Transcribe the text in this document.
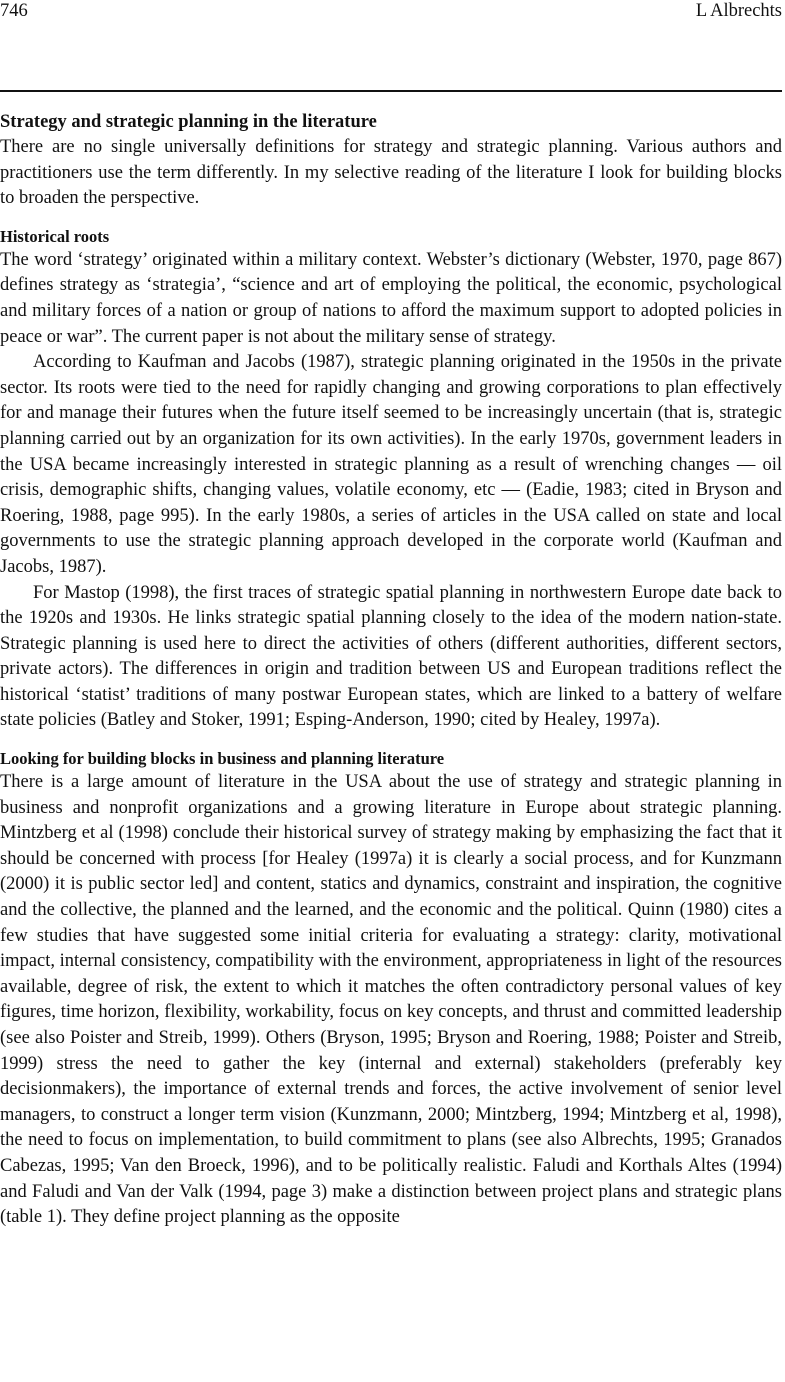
746	L Albrechts
Strategy and strategic planning in the literature

There are no single universally definitions for strategy and strategic planning. Various authors and practitioners use the term differently. In my selective reading of the literature I look for building blocks to broaden the perspective.

Historical roots

The word ‘strategy’ originated within a military context. Webster’s dictionary (Webster, 1970, page 867) defines strategy as ‘strategia’, “science and art of employing the political, the economic, psychological and military forces of a nation or group of nations to afford the maximum support to adopted policies in peace or war”. The current paper is not about the military sense of strategy.

According to Kaufman and Jacobs (1987), strategic planning originated in the 1950s in the private sector. Its roots were tied to the need for rapidly changing and growing corporations to plan effectively for and manage their futures when the future itself seemed to be increasingly uncertain (that is, strategic planning carried out by an organization for its own activities). In the early 1970s, government leaders in the USA became increasingly interested in strategic planning as a result of wrenching changes — oil crisis, demographic shifts, changing values, volatile economy, etc — (Eadie, 1983; cited in Bryson and Roering, 1988, page 995). In the early 1980s, a series of articles in the USA called on state and local governments to use the strategic planning approach developed in the corporate world (Kaufman and Jacobs, 1987).

For Mastop (1998), the first traces of strategic spatial planning in northwestern Europe date back to the 1920s and 1930s. He links strategic spatial planning closely to the idea of the modern nation-state. Strategic planning is used here to direct the activities of others (different authorities, different sectors, private actors). The differences in origin and tradition between US and European traditions reflect the historical ‘statist’ traditions of many postwar European states, which are linked to a battery of welfare state policies (Batley and Stoker, 1991; Esping-Anderson, 1990; cited by Healey, 1997a).

Looking for building blocks in business and planning literature

There is a large amount of literature in the USA about the use of strategy and strategic planning in business and nonprofit organizations and a growing literature in Europe about strategic planning. Mintzberg et al (1998) conclude their historical survey of strategy making by emphasizing the fact that it should be concerned with process [for Healey (1997a) it is clearly a social process, and for Kunzmann (2000) it is public sector led] and content, statics and dynamics, constraint and inspiration, the cognitive and the collective, the planned and the learned, and the economic and the political. Quinn (1980) cites a few studies that have suggested some initial criteria for evaluating a strategy: clarity, motivational impact, internal consistency, compatibility with the environment, appropriateness in light of the resources available, degree of risk, the extent to which it matches the often contradictory personal values of key figures, time horizon, flexibility, workability, focus on key concepts, and thrust and committed leadership (see also Poister and Streib, 1999). Others (Bryson, 1995; Bryson and Roering, 1988; Poister and Streib, 1999) stress the need to gather the key (internal and external) stakeholders (preferably key decisionmakers), the importance of external trends and forces, the active involvement of senior level managers, to construct a longer term vision (Kunzmann, 2000; Mintzberg, 1994; Mintzberg et al, 1998), the need to focus on implementation, to build commitment to plans (see also Albrechts, 1995; Granados Cabezas, 1995; Van den Broeck, 1996), and to be politically realistic. Faludi and Korthals Altes (1994) and Faludi and Van der Valk (1994, page 3) make a distinction between project plans and strategic plans (table 1). They define project planning as the opposite
